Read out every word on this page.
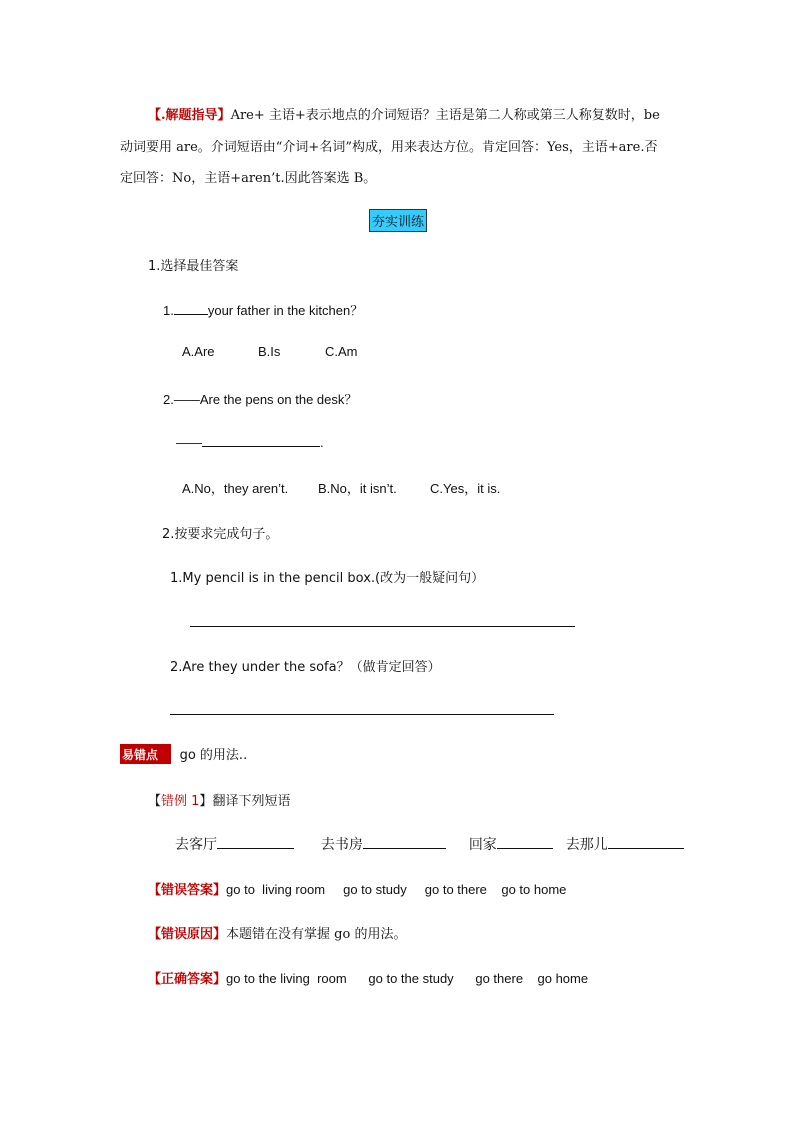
【.解题指导】Are+ 主语+表示地点的介词短语？主语是第二人称或第三人称复数时，be
动词要用 are。介词短语由“介词+名词”构成，用来表达方位。肯定回答：Yes，主语+are.否
定回答：No，主语+aren’t.因此答案选 B。
夯实训练
1.选择最佳答案
1.	your father in the kitchen？
A.Are	B.Is	C.Am
2.——Are the pens on the desk？
——	.
A.No，they aren’t. B.No，it isn’t.	C.Yes，it is.
2.按要求完成句子。
1.My pencil is in the pencil box.(改为一般疑问句）
2.Are they under the sofa？（做肯定回答）
易错点3 go 的用法..
【错例 1】翻译下列短语
去客厅	去书房	回家	去那儿
【错误答案】go to  living room     go to study     go to there    go to home
【错误原因】本题错在没有掌握 go 的用法。
【正确答案】go to the living  room      go to the study      go there    go home
